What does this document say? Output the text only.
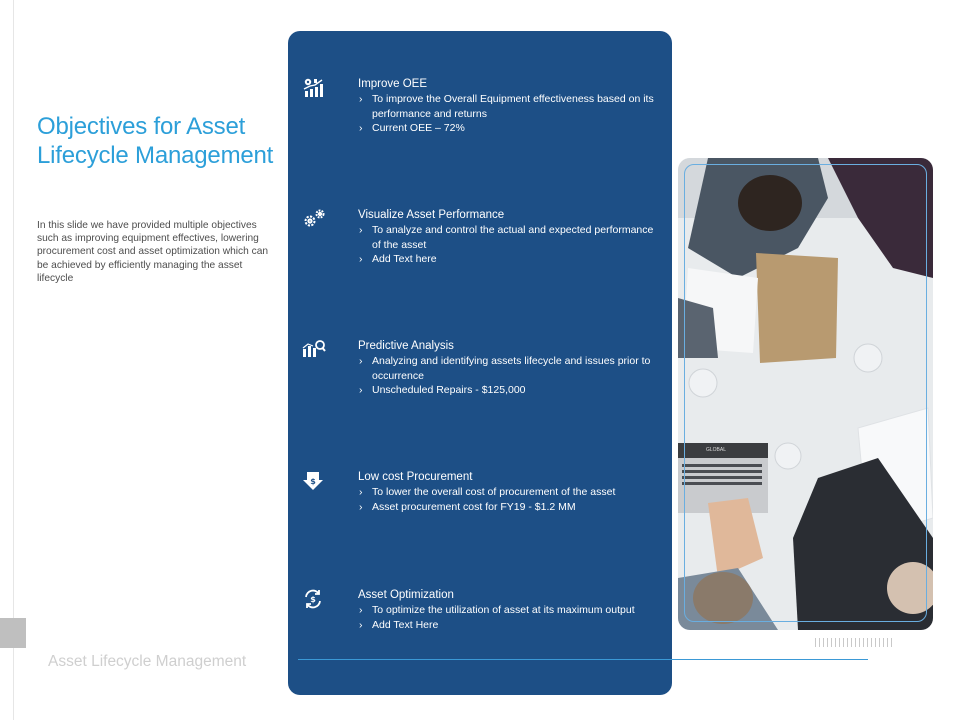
Objectives for Asset Lifecycle Management

In this slide we have provided multiple objectives such as improving equipment effectives, lowering procurement cost and asset optimization which can be achieved by efficiently managing the asset lifecycle

Improve OEE

› To improve the Overall Equipment effectiveness based on its performance and returns
› Current OEE – 72%

Visualize Asset Performance

› To analyze and control the actual and expected performance of the asset
› Add Text here

Predictive Analysis

› Analyzing and identifying assets lifecycle and issues prior to occurrence
› Unscheduled Repairs - $125,000
$	Low cost Procurement

› To lower the overall cost of procurement of the asset
› Asset procurement cost for FY19 - $1.2 MM
$	Asset Optimization

› To optimize the utilization of asset at its maximum output
› Add Text Here
GLOBAL
Asset Lifecycle Management
